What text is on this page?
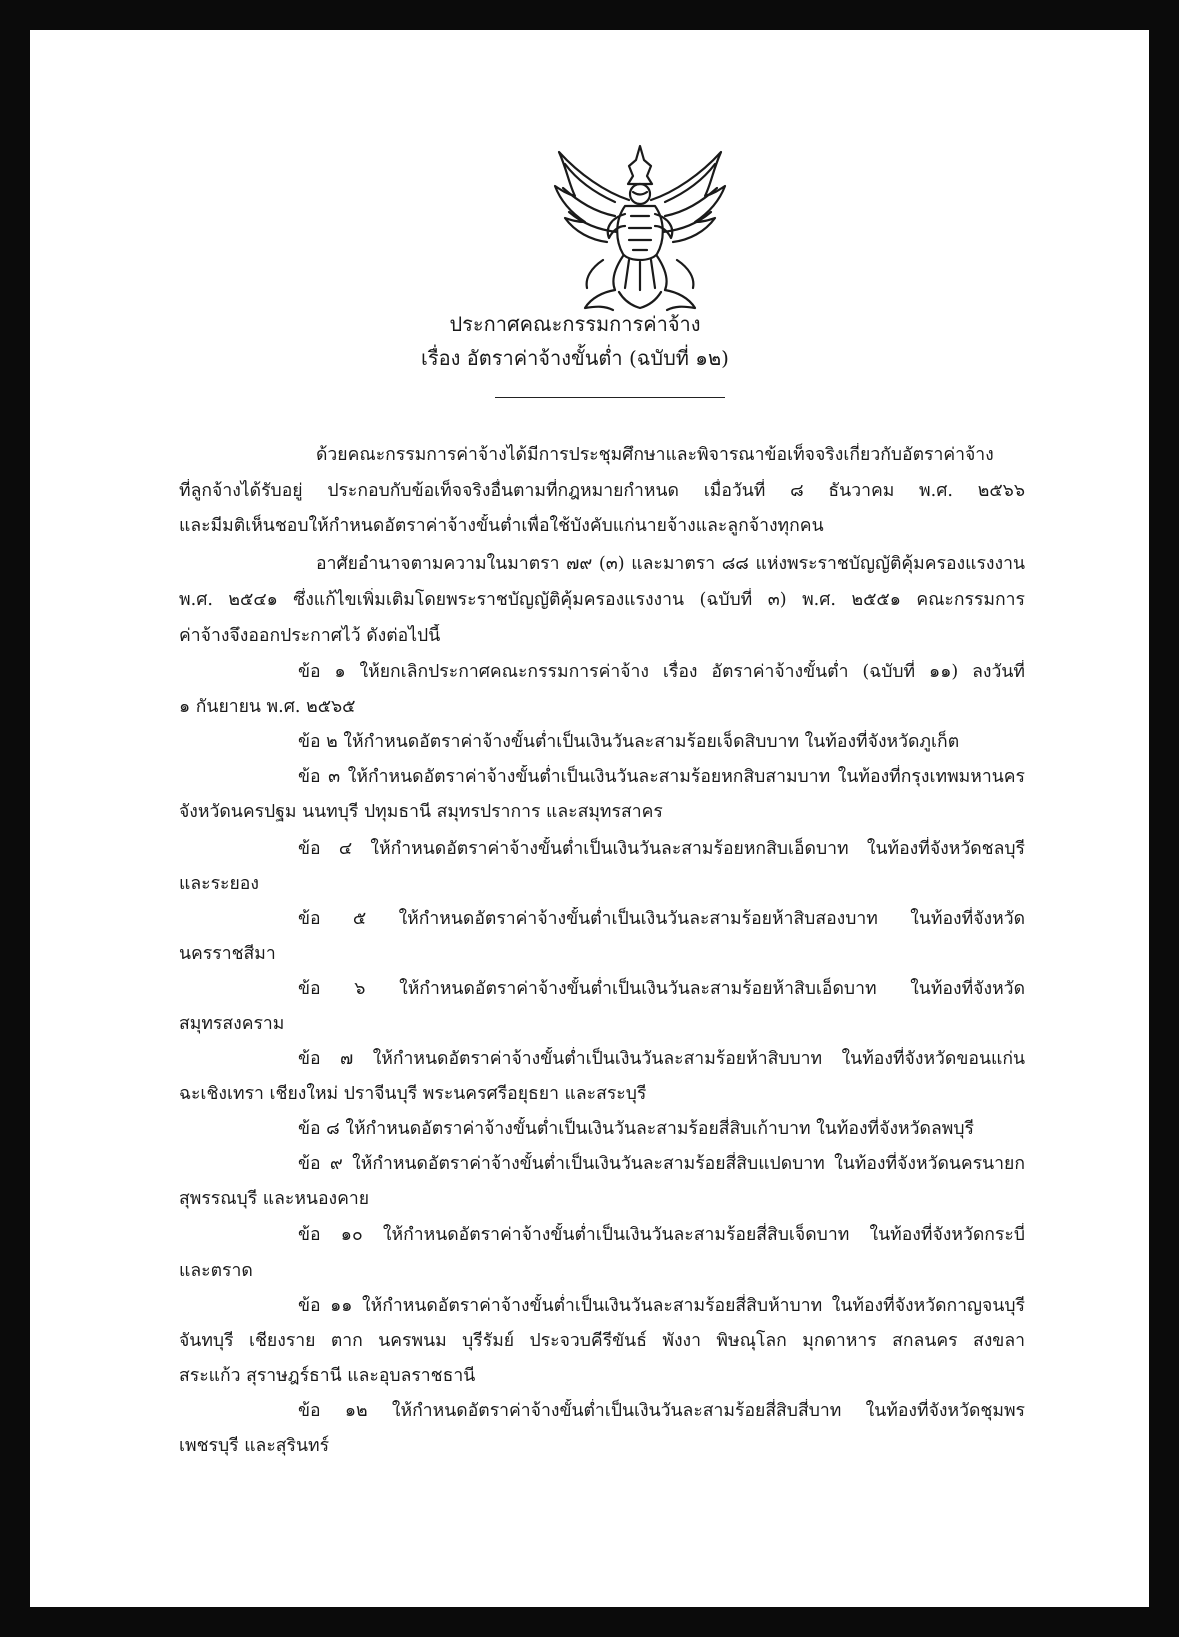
ประกาศคณะกรรมการค่าจ้าง
เรื่อง อัตราค่าจ้างขั้นต่ำ (ฉบับที่ ๑๒)
ด้วยคณะกรรมการค่าจ้างได้มีการประชุมศึกษาและพิจารณาข้อเท็จจริงเกี่ยวกับอัตราค่าจ้าง
ที่ลูกจ้างได้รับอยู่ ประกอบกับข้อเท็จจริงอื่นตามที่กฎหมายกำหนด เมื่อวันที่ ๘ ธันวาคม พ.ศ. ๒๕๖๖
และมีมติเห็นชอบให้กำหนดอัตราค่าจ้างขั้นต่ำเพื่อใช้บังคับแก่นายจ้างและลูกจ้างทุกคน
อาศัยอำนาจตามความในมาตรา ๗๙ (๓) และมาตรา ๘๘ แห่งพระราชบัญญัติคุ้มครองแรงงาน
พ.ศ. ๒๕๔๑ ซึ่งแก้ไขเพิ่มเติมโดยพระราชบัญญัติคุ้มครองแรงงาน (ฉบับที่ ๓) พ.ศ. ๒๕๕๑ คณะกรรมการ
ค่าจ้างจึงออกประกาศไว้ ดังต่อไปนี้
ข้อ ๑ ให้ยกเลิกประกาศคณะกรรมการค่าจ้าง เรื่อง อัตราค่าจ้างขั้นต่ำ (ฉบับที่ ๑๑) ลงวันที่
๑ กันยายน พ.ศ. ๒๕๖๕
ข้อ ๒ ให้กำหนดอัตราค่าจ้างขั้นต่ำเป็นเงินวันละสามร้อยเจ็ดสิบบาท ในท้องที่จังหวัดภูเก็ต
ข้อ ๓ ให้กำหนดอัตราค่าจ้างขั้นต่ำเป็นเงินวันละสามร้อยหกสิบสามบาท ในท้องที่กรุงเทพมหานคร
จังหวัดนครปฐม นนทบุรี ปทุมธานี สมุทรปราการ และสมุทรสาคร
ข้อ ๔ ให้กำหนดอัตราค่าจ้างขั้นต่ำเป็นเงินวันละสามร้อยหกสิบเอ็ดบาท ในท้องที่จังหวัดชลบุรี
และระยอง
ข้อ ๕ ให้กำหนดอัตราค่าจ้างขั้นต่ำเป็นเงินวันละสามร้อยห้าสิบสองบาท ในท้องที่จังหวัด
นครราชสีมา
ข้อ ๖ ให้กำหนดอัตราค่าจ้างขั้นต่ำเป็นเงินวันละสามร้อยห้าสิบเอ็ดบาท ในท้องที่จังหวัด
สมุทรสงคราม
ข้อ ๗ ให้กำหนดอัตราค่าจ้างขั้นต่ำเป็นเงินวันละสามร้อยห้าสิบบาท ในท้องที่จังหวัดขอนแก่น
ฉะเชิงเทรา เชียงใหม่ ปราจีนบุรี พระนครศรีอยุธยา และสระบุรี
ข้อ ๘ ให้กำหนดอัตราค่าจ้างขั้นต่ำเป็นเงินวันละสามร้อยสี่สิบเก้าบาท ในท้องที่จังหวัดลพบุรี
ข้อ ๙ ให้กำหนดอัตราค่าจ้างขั้นต่ำเป็นเงินวันละสามร้อยสี่สิบแปดบาท ในท้องที่จังหวัดนครนายก
สุพรรณบุรี และหนองคาย
ข้อ ๑๐ ให้กำหนดอัตราค่าจ้างขั้นต่ำเป็นเงินวันละสามร้อยสี่สิบเจ็ดบาท ในท้องที่จังหวัดกระบี่
และตราด
ข้อ ๑๑ ให้กำหนดอัตราค่าจ้างขั้นต่ำเป็นเงินวันละสามร้อยสี่สิบห้าบาท ในท้องที่จังหวัดกาญจนบุรี
จันทบุรี เชียงราย ตาก นครพนม บุรีรัมย์ ประจวบคีรีขันธ์ พังงา พิษณุโลก มุกดาหาร สกลนคร สงขลา
สระแก้ว สุราษฎร์ธานี และอุบลราชธานี
ข้อ ๑๒ ให้กำหนดอัตราค่าจ้างขั้นต่ำเป็นเงินวันละสามร้อยสี่สิบสี่บาท ในท้องที่จังหวัดชุมพร
เพชรบุรี และสุรินทร์
